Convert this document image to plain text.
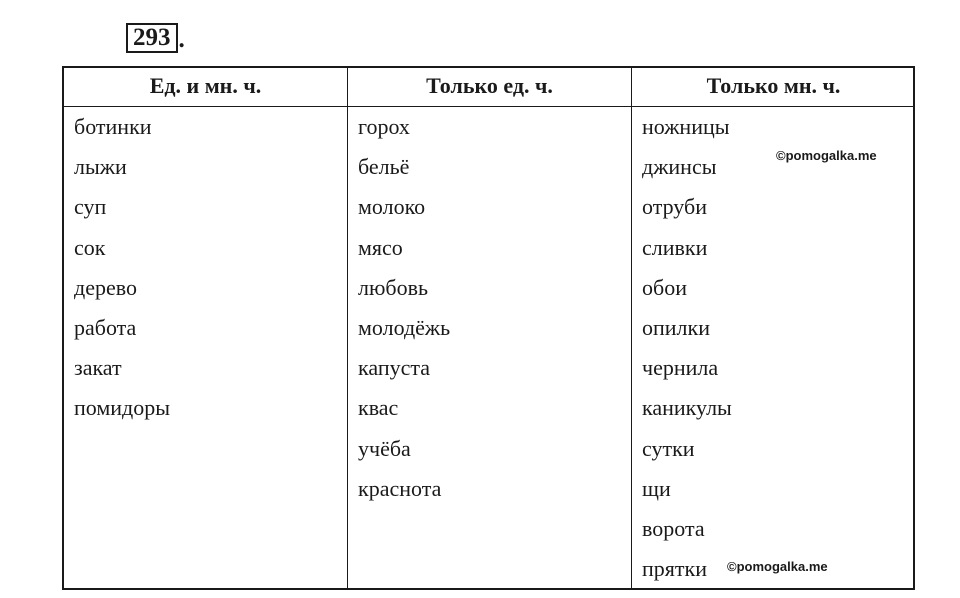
293 .
Ед. и мн. ч.	Только ед. ч.	Только мн. ч.
ботинки
лыжи
суп
сок
дерево
работа
закат
помидоры
горох
бельё
молоко
мясо
любовь
молодёжь
капуста
квас
учёба
краснота
ножницы
джинсы
отруби
сливки
обои
опилки
чернила
каникулы
сутки
щи
ворота
прятки
©pomogalka.me
©pomogalka.me
